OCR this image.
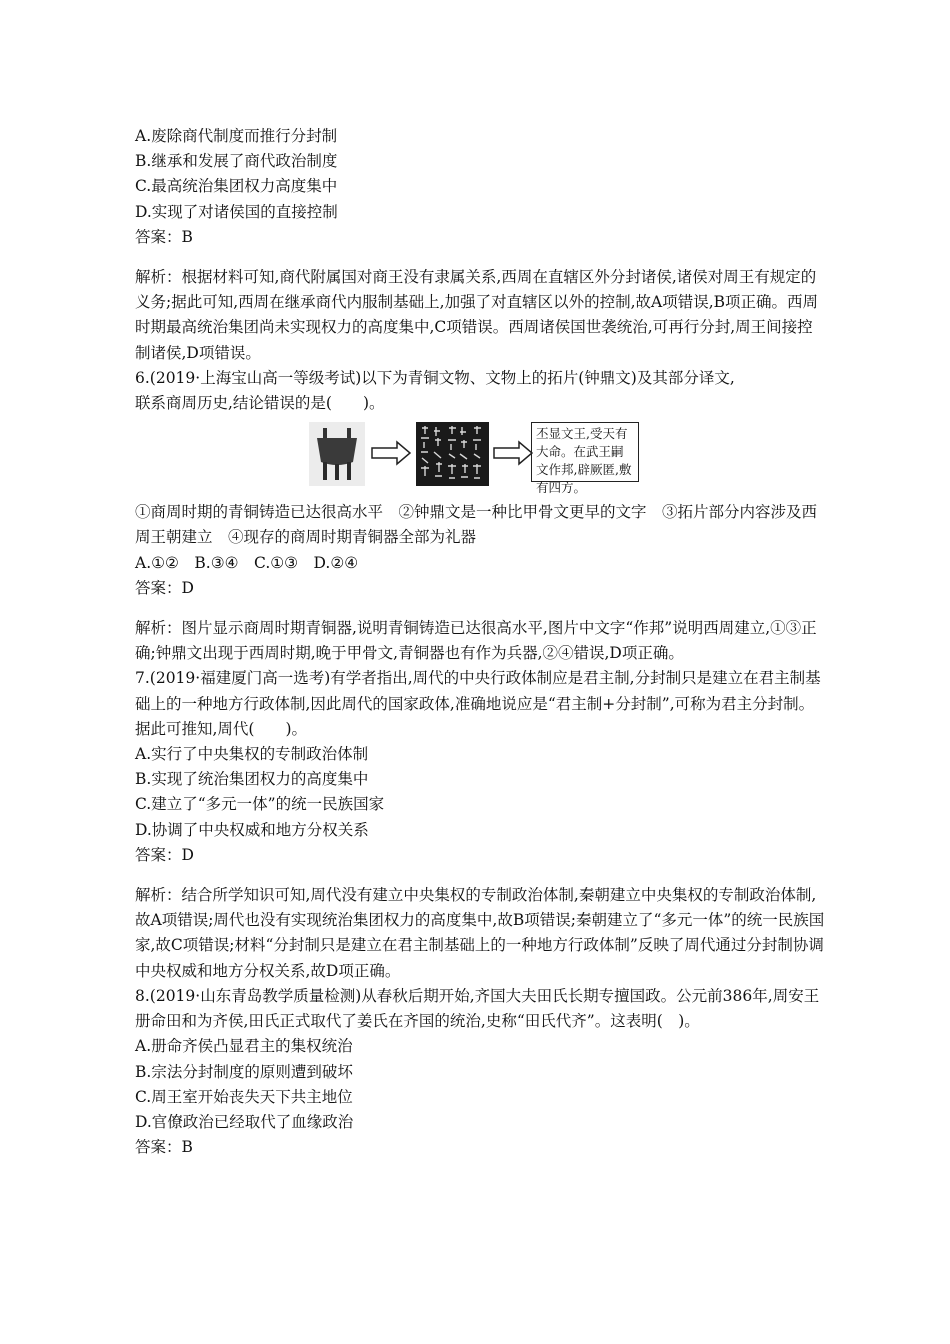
A.废除商代制度而推行分封制
B.继承和发展了商代政治制度
C.最高统治集团权力高度集中
D.实现了对诸侯国的直接控制
答案：B
解析：根据材料可知,商代附属国对商王没有隶属关系,西周在直辖区外分封诸侯,诸侯对周王有规定的义务;据此可知,西周在继承商代内服制基础上,加强了对直辖区以外的控制,故A项错误,B项正确。西周时期最高统治集团尚未实现权力的高度集中,C项错误。西周诸侯国世袭统治,可再行分封,周王间接控制诸侯,D项错误。
6.(2019·上海宝山高一等级考试)以下为青铜文物、文物上的拓片(钟鼎文)及其部分译文,
联系商周历史,结论错误的是(　　)。
丕显文王,受天有大命。在武王嗣文作邦,辟厥匿,敷有四方。
①商周时期的青铜铸造已达很高水平　②钟鼎文是一种比甲骨文更早的文字　③拓片部分内容涉及西周王朝建立　④现存的商周时期青铜器全部为礼器
A.①②　B.③④　C.①③　D.②④
答案：D
解析：图片显示商周时期青铜器,说明青铜铸造已达很高水平,图片中文字“作邦”说明西周建立,①③正确;钟鼎文出现于西周时期,晚于甲骨文,青铜器也有作为兵器,②④错误,D项正确。
7.(2019·福建厦门高一选考)有学者指出,周代的中央行政体制应是君主制,分封制只是建立在君主制基础上的一种地方行政体制,因此周代的国家政体,准确地说应是“君主制+分封制”,可称为君主分封制。据此可推知,周代(　　)。
A.实行了中央集权的专制政治体制
B.实现了统治集团权力的高度集中
C.建立了“多元一体”的统一民族国家
D.协调了中央权威和地方分权关系
答案：D
解析：结合所学知识可知,周代没有建立中央集权的专制政治体制,秦朝建立中央集权的专制政治体制,故A项错误;周代也没有实现统治集团权力的高度集中,故B项错误;秦朝建立了“多元一体”的统一民族国家,故C项错误;材料“分封制只是建立在君主制基础上的一种地方行政体制”反映了周代通过分封制协调中央权威和地方分权关系,故D项正确。
8.(2019·山东青岛教学质量检测)从春秋后期开始,齐国大夫田氏长期专擅国政。公元前386年,周安王册命田和为齐侯,田氏正式取代了姜氏在齐国的统治,史称“田氏代齐”。这表明(　)。
A.册命齐侯凸显君主的集权统治
B.宗法分封制度的原则遭到破坏
C.周王室开始丧失天下共主地位
D.官僚政治已经取代了血缘政治
答案：B
